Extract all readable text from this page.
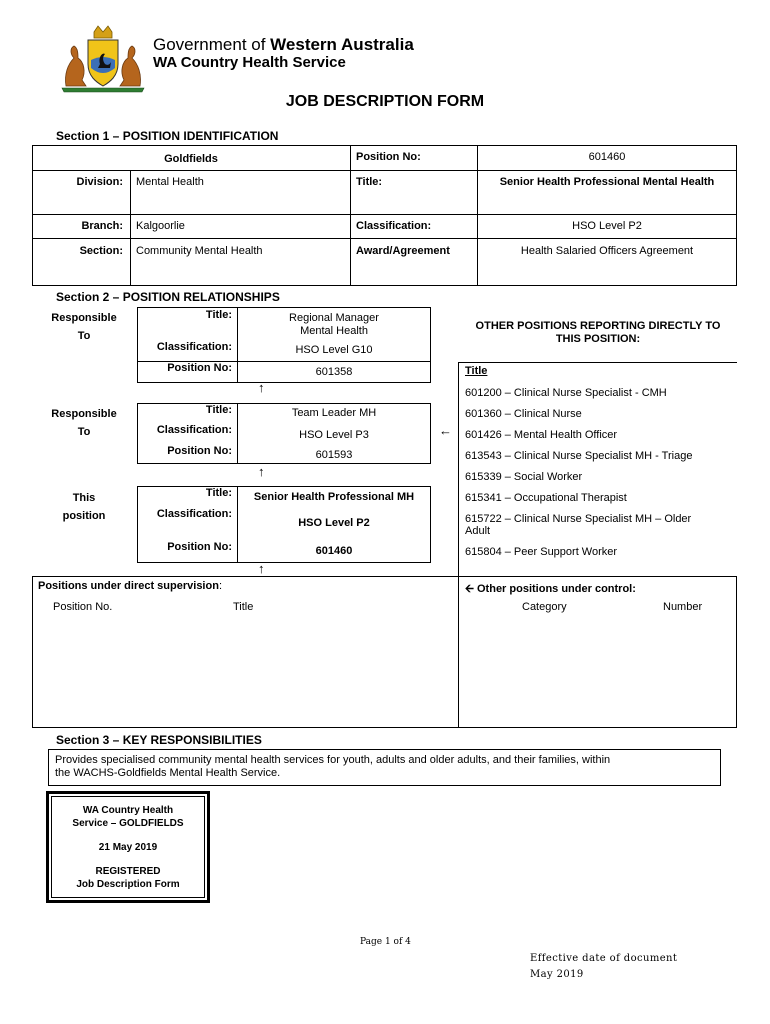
Government of Western Australia
WA Country Health Service
JOB DESCRIPTION FORM
Section 1 – POSITION IDENTIFICATION
Goldfields	Position No:	601460
Division: Mental Health	Title:	Senior Health Professional Mental Health
Branch: Kalgoorlie	Classification:	HSO Level P2
Section: Community Mental Health	Award/Agreement	Health Salaried Officers Agreement
Section 2 – POSITION RELATIONSHIPS
Responsible
To
Title:	Regional Manager
Mental Health
Classification:	HSO Level G10
Position No:	601358
↑
Responsible
To
Title:	Team Leader MH
Classification:	HSO Level P3
Position No:	601593
←
↑
This
position
Title:	Senior Health Professional MH
Classification:
HSO Level P2
Position No:	601460
↑
OTHER POSITIONS REPORTING DIRECTLY TO
THIS POSITION:
Title
601200 – Clinical Nurse Specialist - CMH
601360 – Clinical Nurse
601426 – Mental Health Officer
613543 – Clinical Nurse Specialist MH - Triage
615339 – Social Worker
615341 – Occupational Therapist
615722 – Clinical Nurse Specialist MH – Older
Adult
615804 – Peer Support Worker
Positions under direct supervision:
Position No.	Title
🡨 Other positions under control:
Category	Number
Section 3 – KEY RESPONSIBILITIES
Provides specialised community mental health services for youth, adults and older adults, and their families, within
the WACHS-Goldfields Mental Health Service.
WA Country Health
Service – GOLDFIELDS
21 May 2019
REGISTERED
Job Description Form
Page 1 of 4
Effective date of document
May 2019
